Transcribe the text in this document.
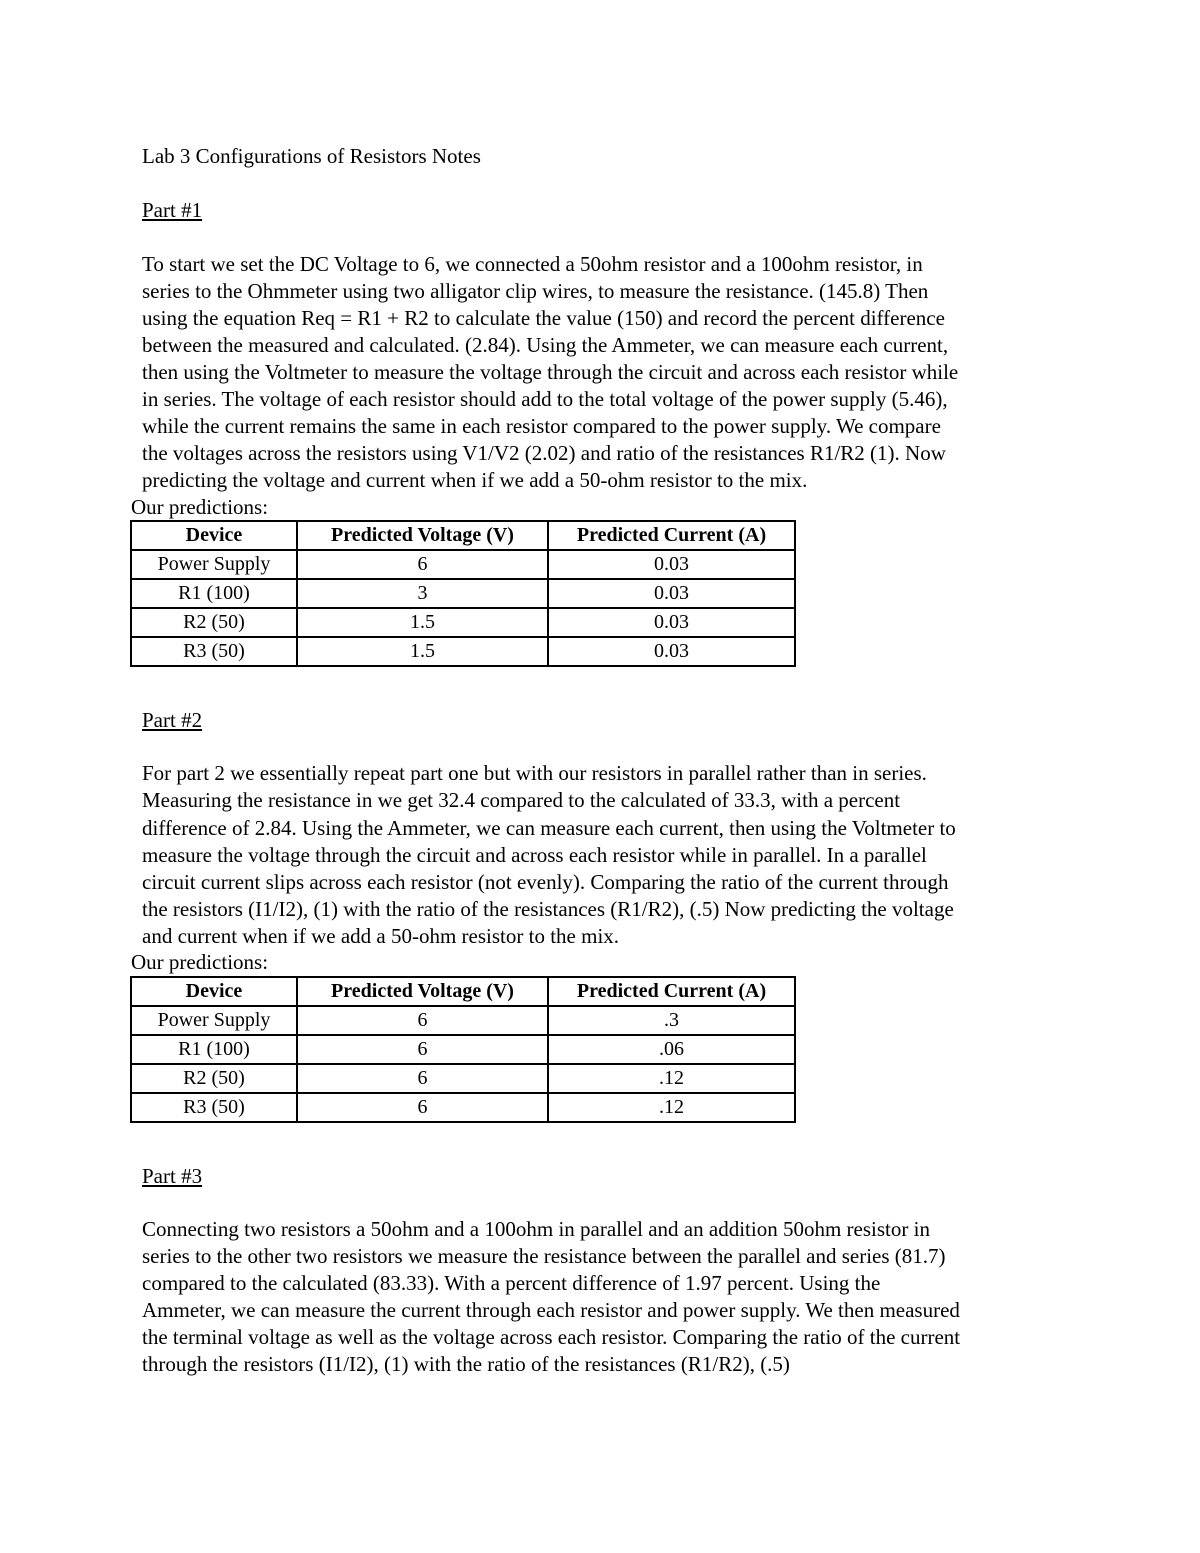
Lab 3 Configurations of Resistors Notes
Part #1
To start we set the DC Voltage to 6, we connected a 50ohm resistor and a 100ohm resistor, in
series to the Ohmmeter using two alligator clip wires, to measure the resistance. (145.8) Then
using the equation Req = R1 + R2 to calculate the value (150) and record the percent difference
between the measured and calculated. (2.84). Using the Ammeter, we can measure each current,
then using the Voltmeter to measure the voltage through the circuit and across each resistor while
in series. The voltage of each resistor should add to the total voltage of the power supply (5.46),
while the current remains the same in each resistor compared to the power supply. We compare
the voltages across the resistors using V1/V2 (2.02) and ratio of the resistances R1/R2 (1). Now
predicting the voltage and current when if we add a 50-ohm resistor to the mix.
Our predictions:
Device	Predicted Voltage (V)	Predicted Current (A)
Power Supply	6	0.03
R1 (100)	3	0.03
R2 (50)	1.5	0.03
R3 (50)	1.5	0.03
Part #2
For part 2 we essentially repeat part one but with our resistors in parallel rather than in series.
Measuring the resistance in we get 32.4 compared to the calculated of 33.3, with a percent
difference of 2.84. Using the Ammeter, we can measure each current, then using the Voltmeter to
measure the voltage through the circuit and across each resistor while in parallel. In a parallel
circuit current slips across each resistor (not evenly). Comparing the ratio of the current through
the resistors (I1/I2), (1) with the ratio of the resistances (R1/R2), (.5) Now predicting the voltage
and current when if we add a 50-ohm resistor to the mix.
Our predictions:
Device	Predicted Voltage (V)	Predicted Current (A)
Power Supply	6	.3
R1 (100)	6	.06
R2 (50)	6	.12
R3 (50)	6	.12
Part #3
Connecting two resistors a 50ohm and a 100ohm in parallel and an addition 50ohm resistor in
series to the other two resistors we measure the resistance between the parallel and series (81.7)
compared to the calculated (83.33). With a percent difference of 1.97 percent. Using the
Ammeter, we can measure the current through each resistor and power supply. We then measured
the terminal voltage as well as the voltage across each resistor. Comparing the ratio of the current
through the resistors (I1/I2), (1) with the ratio of the resistances (R1/R2), (.5)
